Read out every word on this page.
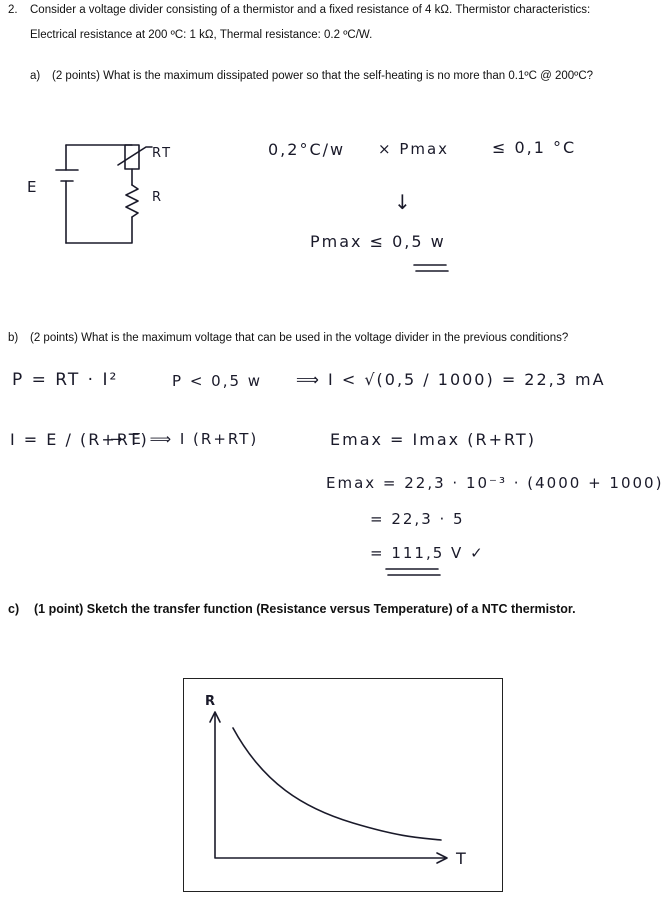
2. Consider a voltage divider consisting of a thermistor and a fixed resistance of 4 kΩ. Thermistor characteristics:
Electrical resistance at 200 ºC: 1 kΩ, Thermal resistance: 0.2 ºC/W.
a) (2 points) What is the maximum dissipated power so that the self-heating is no more than 0.1ºC @ 200ºC?
E
RT
R
0,2°C/w × Pmax	≤ 0,1 °C
↓
Pmax ≤ 0,5 w
b) (2 points) What is the maximum voltage that can be used in the voltage divider in the previous conditions?
P = RT · I²	P < 0,5 w ⟹ I < √(0,5 / 1000) = 22,3 mA
I = E / (R+RT)
→ E ⟹ I (R+RT)	Emax = Imax (R+RT)
Emax = 22,3 · 10⁻³ · (4000 + 1000)
= 22,3 · 5
= 111,5 V ✓
c) (1 point) Sketch the transfer function (Resistance versus Temperature) of a NTC thermistor.
R
T
